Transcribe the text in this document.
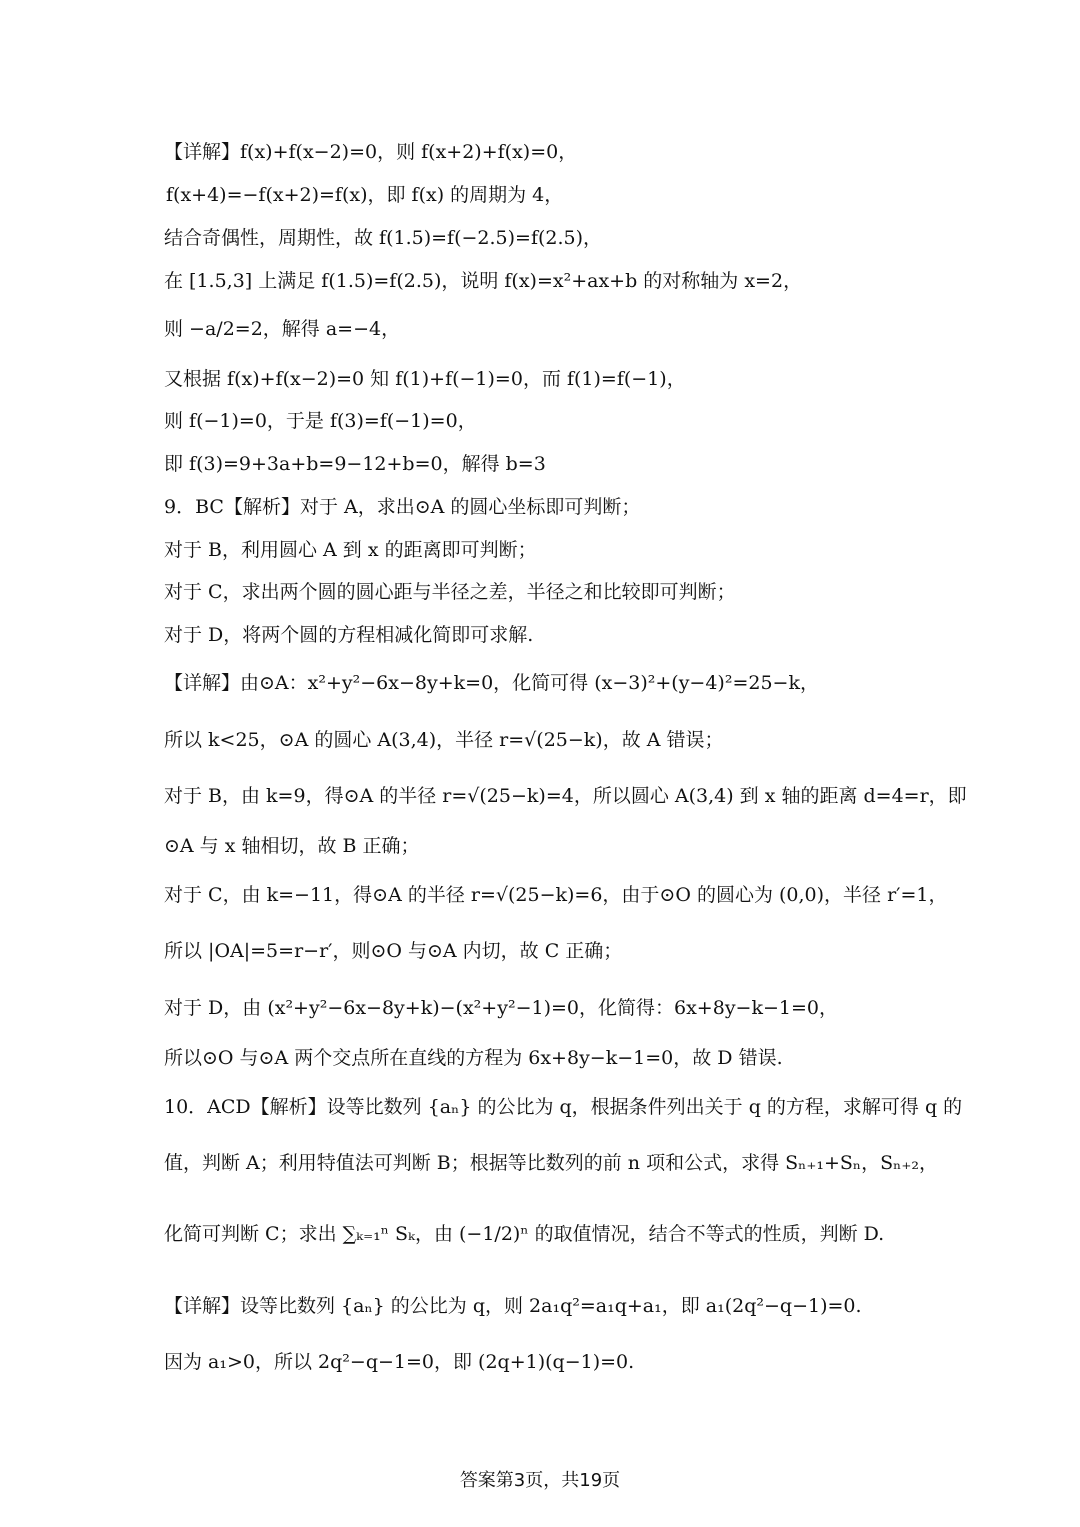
【详解】f(x)+f(x−2)=0，则 f(x+2)+f(x)=0，
f(x+4)=−f(x+2)=f(x)，即 f(x) 的周期为 4，
结合奇偶性，周期性，故 f(1.5)=f(−2.5)=f(2.5)，
在 [1.5,3] 上满足 f(1.5)=f(2.5)，说明 f(x)=x²+ax+b 的对称轴为 x=2，
则 −a/2=2，解得 a=−4，
又根据 f(x)+f(x−2)=0 知 f(1)+f(−1)=0，而 f(1)=f(−1)，
则 f(−1)=0，于是 f(3)=f(−1)=0，
即 f(3)=9+3a+b=9−12+b=0，解得 b=3
9．BC【解析】对于 A，求出⊙A 的圆心坐标即可判断；
对于 B，利用圆心 A 到 x 的距离即可判断；
对于 C，求出两个圆的圆心距与半径之差，半径之和比较即可判断；
对于 D，将两个圆的方程相减化简即可求解.
【详解】由⊙A：x²+y²−6x−8y+k=0，化简可得 (x−3)²+(y−4)²=25−k，
所以 k<25，⊙A 的圆心 A(3,4)，半径 r=√(25−k)，故 A 错误；
对于 B，由 k=9，得⊙A 的半径 r=√(25−k)=4，所以圆心 A(3,4) 到 x 轴的距离 d=4=r，即
⊙A 与 x 轴相切，故 B 正确；
对于 C，由 k=−11，得⊙A 的半径 r=√(25−k)=6，由于⊙O 的圆心为 (0,0)，半径 r′=1，
所以 |OA|=5=r−r′，则⊙O 与⊙A 内切，故 C 正确；
对于 D，由 (x²+y²−6x−8y+k)−(x²+y²−1)=0，化简得：6x+8y−k−1=0，
所以⊙O 与⊙A 两个交点所在直线的方程为 6x+8y−k−1=0，故 D 错误.
10．ACD【解析】设等比数列 {aₙ} 的公比为 q，根据条件列出关于 q 的方程，求解可得 q 的
值，判断 A；利用特值法可判断 B；根据等比数列的前 n 项和公式，求得 Sₙ₊₁+Sₙ，Sₙ₊₂，
化简可判断 C；求出 ∑ₖ₌₁ⁿ Sₖ，由 (−1/2)ⁿ 的取值情况，结合不等式的性质，判断 D.
【详解】设等比数列 {aₙ} 的公比为 q，则 2a₁q²=a₁q+a₁，即 a₁(2q²−q−1)=0.
因为 a₁>0，所以 2q²−q−1=0，即 (2q+1)(q−1)=0.
答案第3页，共19页
